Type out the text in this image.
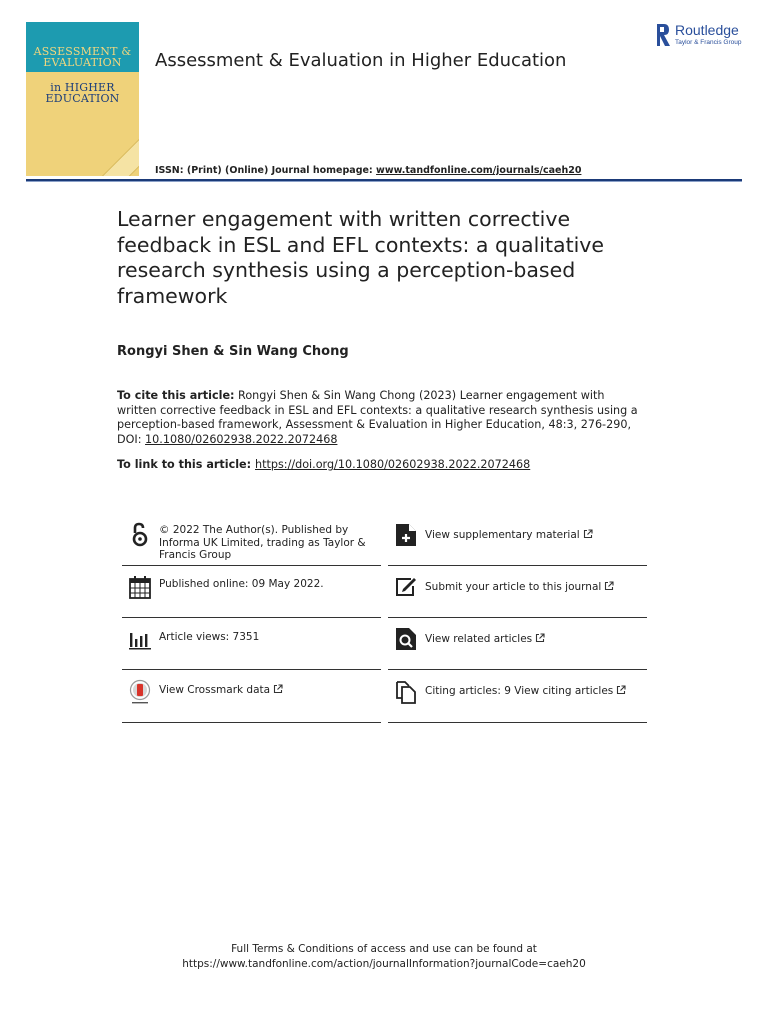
ASSESSMENT &
EVALUATION
in HIGHER
EDUCATION
Assessment & Evaluation in Higher Education
Routledge
Taylor & Francis Group
ISSN: (Print) (Online) Journal homepage: www.tandfonline.com/journals/caeh20
Learner engagement with written corrective feedback in ESL and EFL contexts: a qualitative research synthesis using a perception-based framework
Rongyi Shen & Sin Wang Chong
To cite this article: Rongyi Shen & Sin Wang Chong (2023) Learner engagement with written corrective feedback in ESL and EFL contexts: a qualitative research synthesis using a perception-based framework, Assessment & Evaluation in Higher Education, 48:3, 276-290, DOI: 10.1080/02602938.2022.2072468
To link to this article: https://doi.org/10.1080/02602938.2022.2072468
© 2022 The Author(s). Published by Informa UK Limited, trading as Taylor & Francis Group
Published online: 09 May 2022.
Article views: 7351
View Crossmark data
View supplementary material
Submit your article to this journal
View related articles
Citing articles: 9 View citing articles
Full Terms & Conditions of access and use can be found at
https://www.tandfonline.com/action/journalInformation?journalCode=caeh20
